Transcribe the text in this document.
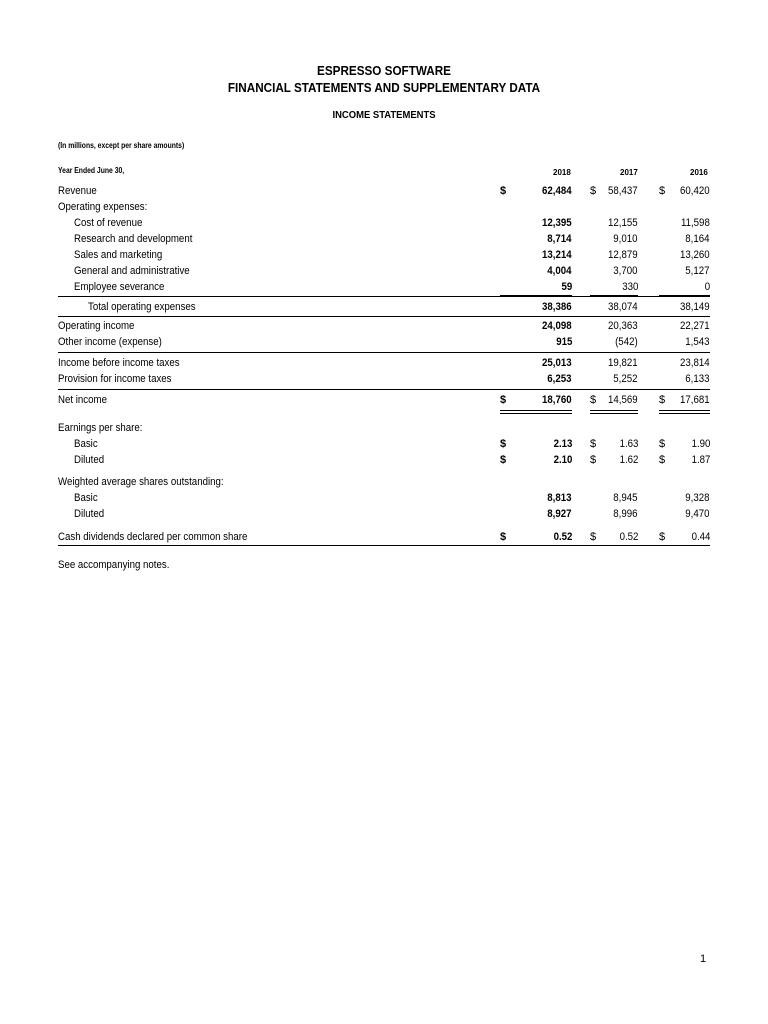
ESPRESSO SOFTWARE
FINANCIAL STATEMENTS AND SUPPLEMENTARY DATA
INCOME STATEMENTS
(In millions, except per share amounts)
Year Ended June 30,	2018	2017	2016
Revenue	$	62,484 $ 58,437 $ 60,420
Operating expenses:
Cost of revenue	12,395	12,155	11,598
Research and development	8,714	9,010	8,164
Sales and marketing	13,214	12,879	13,260
General and administrative	4,004	3,700	5,127
Employee severance	59	330	0
Total operating expenses	38,386	38,074	38,149
Operating income	24,098	20,363	22,271
Other income (expense)	915	(542)	1,543
Income before income taxes	25,013	19,821	23,814
Provision for income taxes	6,253	5,252	6,133
Net income	$	18,760 $ 14,569 $ 17,681
Earnings per share:
Basic	$	2.13 $ 1.63 $ 1.90
Diluted	$	2.10 $ 1.62 $ 1.87
Weighted average shares outstanding:
Basic	8,813	8,945	9,328
Diluted	8,927	8,996	9,470
Cash dividends declared per common share	$	0.52 $ 0.52 $ 0.44
See accompanying notes.
1
